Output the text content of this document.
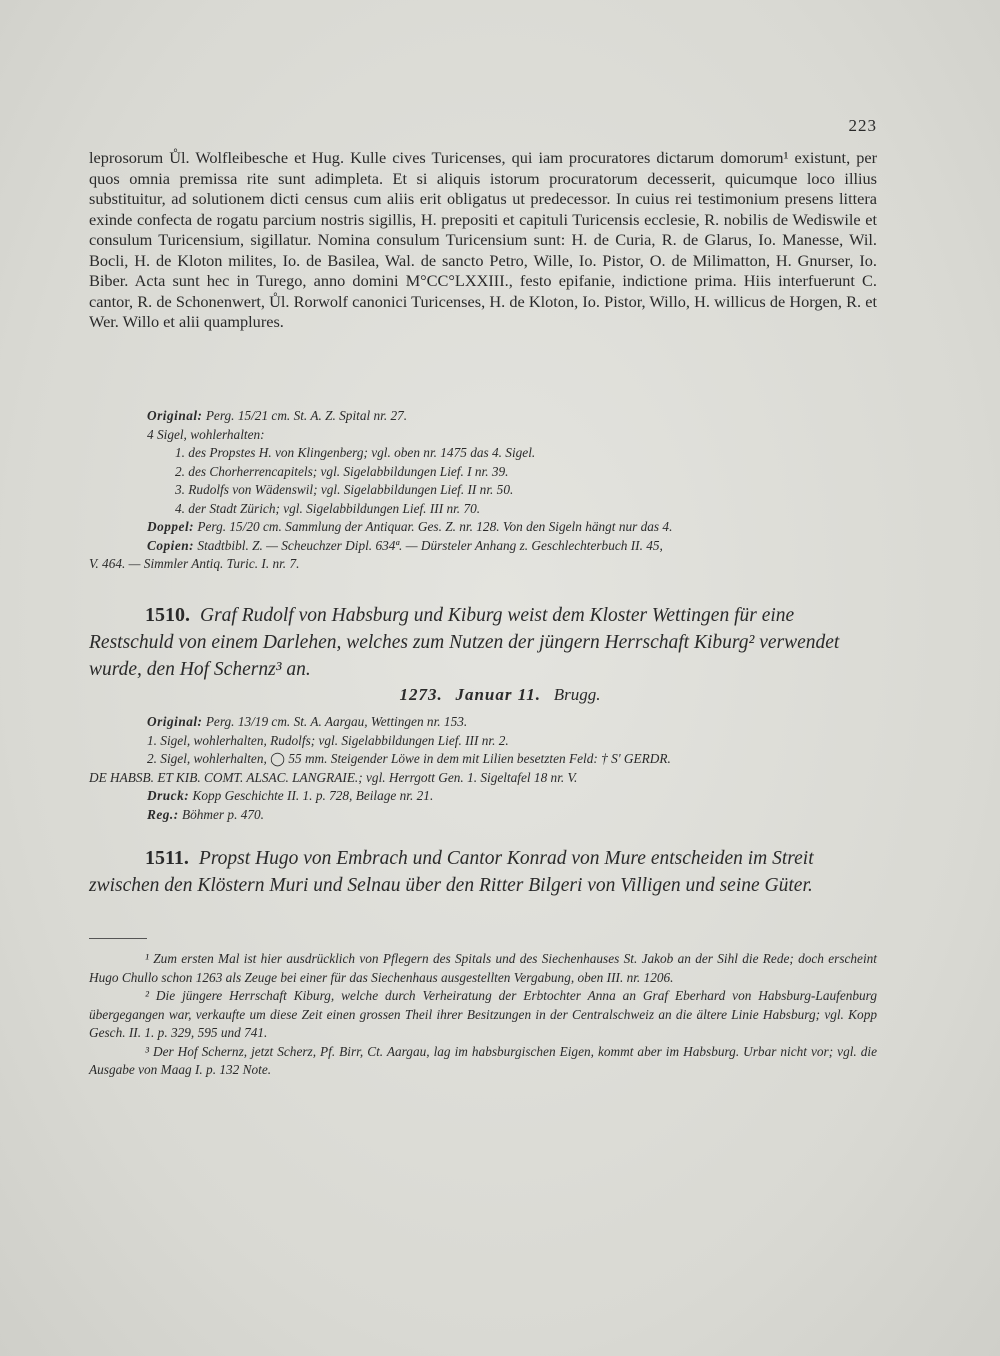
223

leprosorum Ůl. Wolfleibesche et Hug. Kulle cives Turicenses, qui iam procuratores dictarum domorum¹ existunt, per quos omnia premissa rite sunt adimpleta. Et si aliquis istorum procuratorum decesserit, quicumque loco illius substituitur, ad solutionem dicti census cum aliis erit obligatus ut predecessor. In cuius rei testimonium presens littera exinde confecta de rogatu parcium nostris sigillis, H. prepositi et capituli Turicensis ecclesie, R. nobilis de Wediswile et consulum Turicensium, sigillatur. Nomina consulum Turicensium sunt: H. de Curia, R. de Glarus, Io. Manesse, Wil. Bocli, H. de Kloton milites, Io. de Basilea, Wal. de sancto Petro, Wille, Io. Pistor, O. de Milimatton, H. Gnurser, Io. Biber. Acta sunt hec in Turego, anno domini M°CC°LXXIII., festo epifanie, indictione prima. Hiis interfuerunt C. cantor, R. de Schonenwert, Ůl. Rorwolf canonici Turicenses, H. de Kloton, Io. Pistor, Willo, H. willicus de Horgen, R. et Wer. Willo et alii quamplures.

Original: Perg. 15/21 cm. St. A. Z. Spital nr. 27.
4 Sigel, wohlerhalten:
1. des Propstes H. von Klingenberg; vgl. oben nr. 1475 das 4. Sigel.
2. des Chorherrencapitels; vgl. Sigelabbildungen Lief. I nr. 39.
3. Rudolfs von Wädenswil; vgl. Sigelabbildungen Lief. II nr. 50.
4. der Stadt Zürich; vgl. Sigelabbildungen Lief. III nr. 70.
Doppel: Perg. 15/20 cm. Sammlung der Antiquar. Ges. Z. nr. 128. Von den Sigeln hängt nur das 4.
Copien: Stadtbibl. Z. — Scheuchzer Dipl. 634ª. — Dürsteler Anhang z. Geschlechterbuch II. 45,
V. 464. — Simmler Antiq. Turic. I. nr. 7.
1510. Graf Rudolf von Habsburg und Kiburg weist dem Kloster Wettingen für eine Restschuld von einem Darlehen, welches zum Nutzen der jüngern Herrschaft Kiburg² verwendet wurde, den Hof Schernz³ an.
1273. Januar 11. Brugg.
Original: Perg. 13/19 cm. St. A. Aargau, Wettingen nr. 153.
1. Sigel, wohlerhalten, Rudolfs; vgl. Sigelabbildungen Lief. III nr. 2.
2. Sigel, wohlerhalten, ◯ 55 mm. Steigender Löwe in dem mit Lilien besetzten Feld: † S' GERDR.
DE HABSB. ET KIB. COMT. ALSAC. LANGRAIE.; vgl. Herrgott Gen. 1. Sigeltafel 18 nr. V.
Druck: Kopp Geschichte II. 1. p. 728, Beilage nr. 21.
Reg.: Böhmer p. 470.
1511. Propst Hugo von Embrach und Cantor Konrad von Mure entscheiden im Streit zwischen den Klöstern Muri und Selnau über den Ritter Bilgeri von Villigen und seine Güter.

¹ Zum ersten Mal ist hier ausdrücklich von Pflegern des Spitals und des Siechenhauses St. Jakob an der Sihl die Rede; doch erscheint Hugo Chullo schon 1263 als Zeuge bei einer für das Siechenhaus ausgestellten Vergabung, oben III. nr. 1206.

² Die jüngere Herrschaft Kiburg, welche durch Verheiratung der Erbtochter Anna an Graf Eberhard von Habsburg-Laufenburg übergegangen war, verkaufte um diese Zeit einen grossen Theil ihrer Besitzungen in der Centralschweiz an die ältere Linie Habsburg; vgl. Kopp Gesch. II. 1. p. 329, 595 und 741.

³ Der Hof Schernz, jetzt Scherz, Pf. Birr, Ct. Aargau, lag im habsburgischen Eigen, kommt aber im Habsburg. Urbar nicht vor; vgl. die Ausgabe von Maag I. p. 132 Note.
